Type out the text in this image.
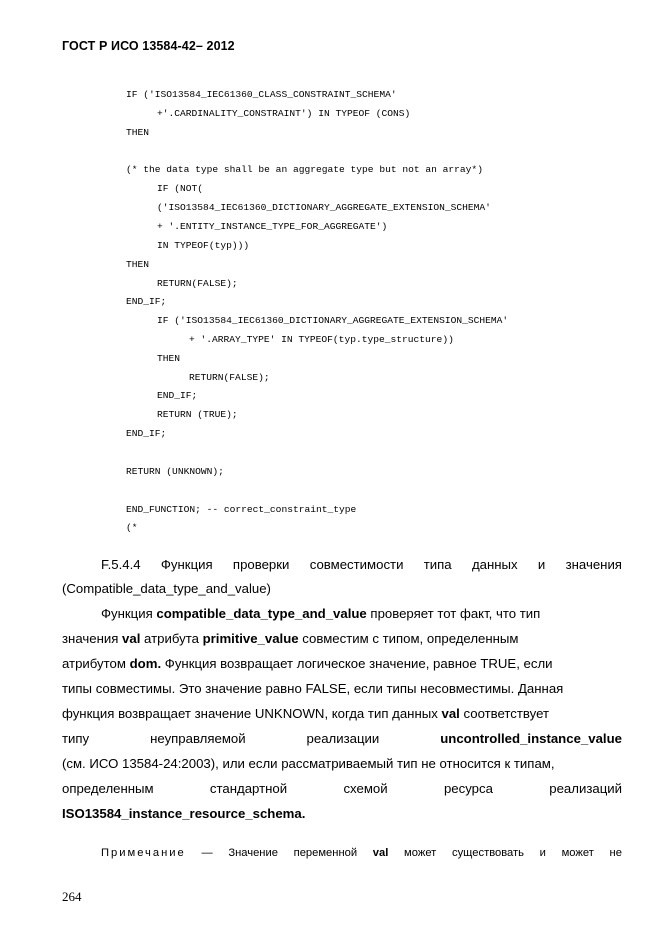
ГОСТ Р ИСО 13584-42– 2012
IF ('ISO13584_IEC61360_CLASS_CONSTRAINT_SCHEMA'
+'.CARDINALITY_CONSTRAINT') IN TYPEOF (CONS)
THEN
(* the data type shall be an aggregate type but not an array*)
IF (NOT(
('ISO13584_IEC61360_DICTIONARY_AGGREGATE_EXTENSION_SCHEMA'
+ '.ENTITY_INSTANCE_TYPE_FOR_AGGREGATE')
IN TYPEOF(typ)))
THEN
RETURN(FALSE);
END_IF;
IF ('ISO13584_IEC61360_DICTIONARY_AGGREGATE_EXTENSION_SCHEMA'
+ '.ARRAY_TYPE' IN TYPEOF(typ.type_structure))
THEN
RETURN(FALSE);
END_IF;
RETURN (TRUE);
END_IF;
RETURN (UNKNOWN);
END_FUNCTION; -- correct_constraint_type
(*
F.5.4.4 Функция проверки совместимости типа данных и значения
(Compatible_data_type_and_value)
Функция compatible_data_type_and_value проверяет тот факт, что тип
значения val атрибута primitive_value совместим с типом, определенным
атрибутом dom. Функция возвращает логическое значение, равное TRUE, если
типы совместимы. Это значение равно FALSE, если типы несовместимы. Данная
функция возвращает значение UNKNOWN, когда тип данных val соответствует
типу	неуправляемой	реализации	uncontrolled_instance_value
(см. ИСО 13584-24:2003), или если рассматриваемый тип не относится к типам,
определенным	стандартной	схемой	ресурса	реализаций
ISO13584_instance_resource_schema.
Примечание — Значение переменной val может существовать и может не
264
